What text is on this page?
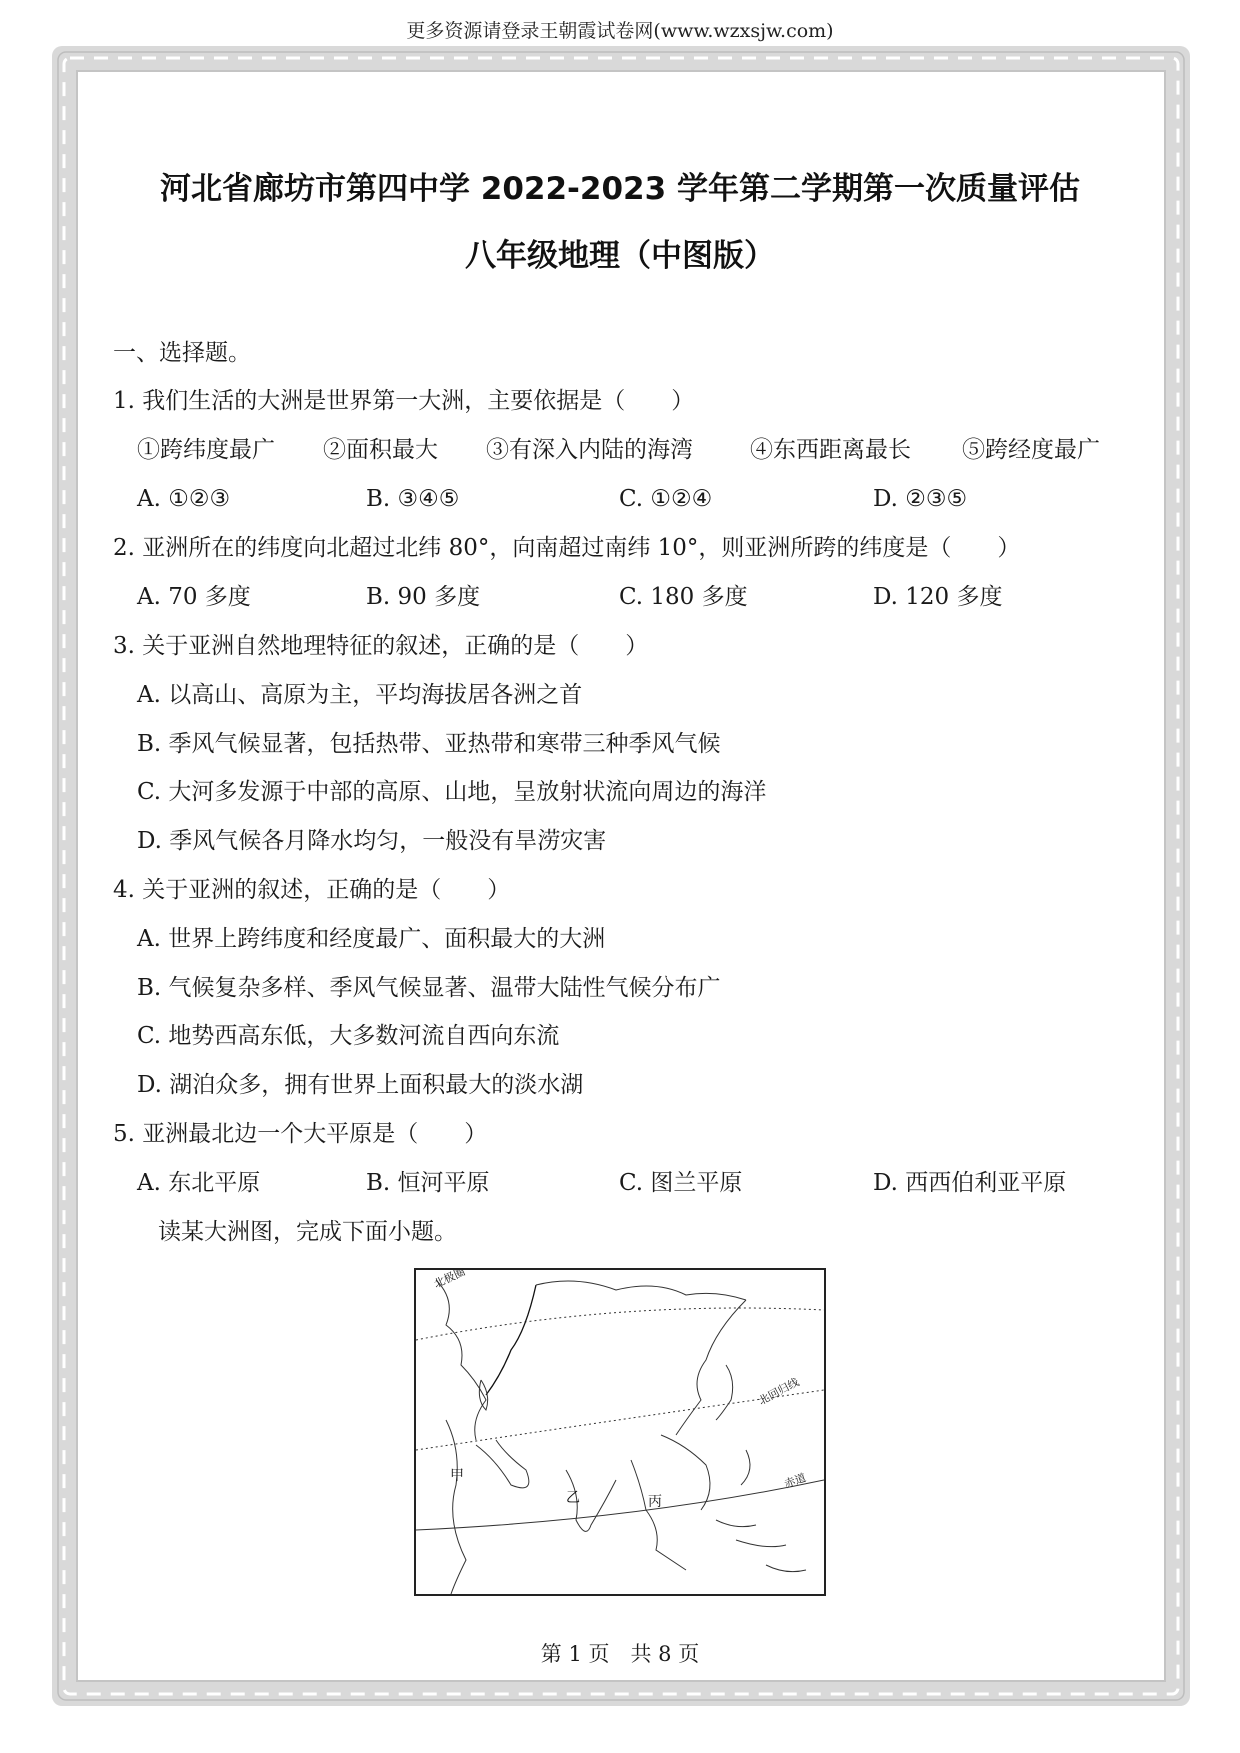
更多资源请登录王朝霞试卷网(www.wzxsjw.com)
河北省廊坊市第四中学 2022-2023 学年第二学期第一次质量评估
八年级地理（中图版）
一、选择题。
1. 我们生活的大洲是世界第一大洲，主要依据是（　　）
①跨纬度最广 ②面积最大 ③有深入内陆的海湾 ④东西距离最长 ⑤跨经度最广
A. ①②③	B. ③④⑤	C. ①②④	D. ②③⑤
2. 亚洲所在的纬度向北超过北纬 80°，向南超过南纬 10°，则亚洲所跨的纬度是（　　）
A. 70 多度	B. 90 多度	C. 180 多度	D. 120 多度
3. 关于亚洲自然地理特征的叙述，正确的是（　　）
A. 以高山、高原为主，平均海拔居各洲之首
B. 季风气候显著，包括热带、亚热带和寒带三种季风气候
C. 大河多发源于中部的高原、山地，呈放射状流向周边的海洋
D. 季风气候各月降水均匀，一般没有旱涝灾害
4. 关于亚洲的叙述，正确的是（　　）
A. 世界上跨纬度和经度最广、面积最大的大洲
B. 气候复杂多样、季风气候显著、温带大陆性气候分布广
C. 地势西高东低，大多数河流自西向东流
D. 湖泊众多，拥有世界上面积最大的淡水湖
5. 亚洲最北边一个大平原是（　　）
A. 东北平原	B. 恒河平原	C. 图兰平原	D. 西西伯利亚平原
读某大洲图，完成下面小题。
北极圈
北回归线
赤道
甲
乙	丙
第 1 页　共 8 页
